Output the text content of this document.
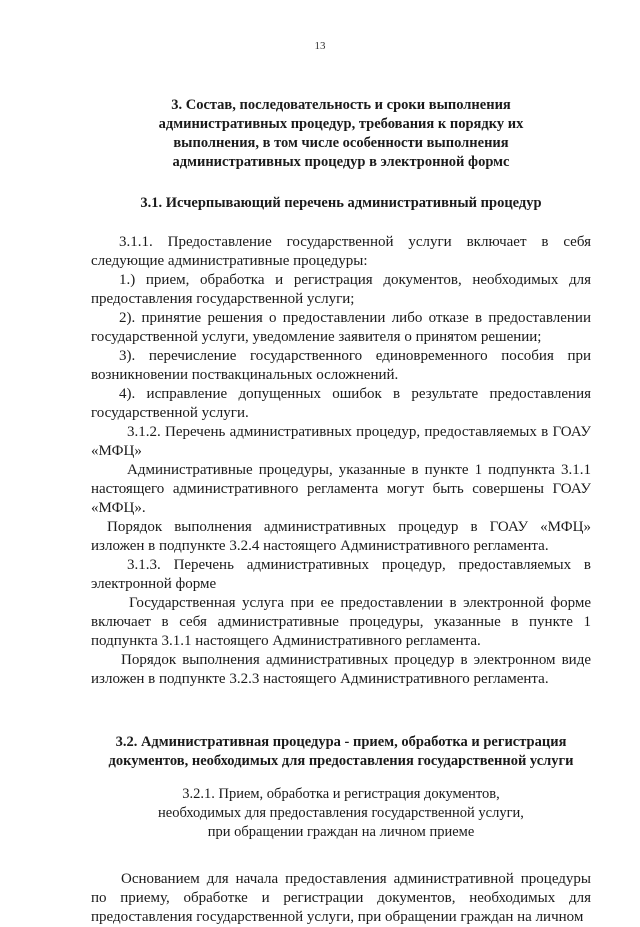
13
3. Состав, последовательность и сроки выполнения
административных процедур, требования к порядку их
выполнения, в том числе особенности выполнения
административных процедур в электронной формс
3.1. Исчерпывающий перечень административный процедур

3.1.1. Предоставление государственной услуги включает в себя следующие административные процедуры:

1.) прием, обработка и регистрация документов, необходимых для предоставления государственной услуги;

2). принятие решения о предоставлении либо отказе в предоставлении государственной услуги, уведомление заявителя о принятом решении;

3). перечисление государственного единовременного пособия при возникновении поствакцинальных осложнений.

4). исправление допущенных ошибок в результате предоставления государственной услуги.

3.1.2. Перечень административных процедур, предоставляемых в ГОАУ «МФЦ»

Административные процедуры, указанные в пункте 1 подпункта 3.1.1 настоящего административного регламента могут быть совершены ГОАУ «МФЦ».

Порядок выполнения административных процедур в ГОАУ «МФЦ» изложен в подпункте 3.2.4 настоящего Административного регламента.

3.1.3. Перечень административных процедур, предоставляемых в электронной форме

Государственная услуга при ее предоставлении в электронной форме включает в себя административные процедуры, указанные в пункте 1 подпункта 3.1.1 настоящего Административного регламента.

Порядок выполнения административных процедур в электронном виде изложен в подпункте 3.2.3 настоящего Административного регламента.

3.2. Административная процедура - прием, обработка и регистрация
документов, необходимых для предоставления государственной услуги
3.2.1. Прием, обработка и регистрация документов,
необходимых для предоставления государственной услуги,
при обращении граждан на личном приеме

Основанием для начала предоставления административной процедуры по приему, обработке и регистрации документов, необходимых для предоставления государственной услуги, при обращении граждан на личном
